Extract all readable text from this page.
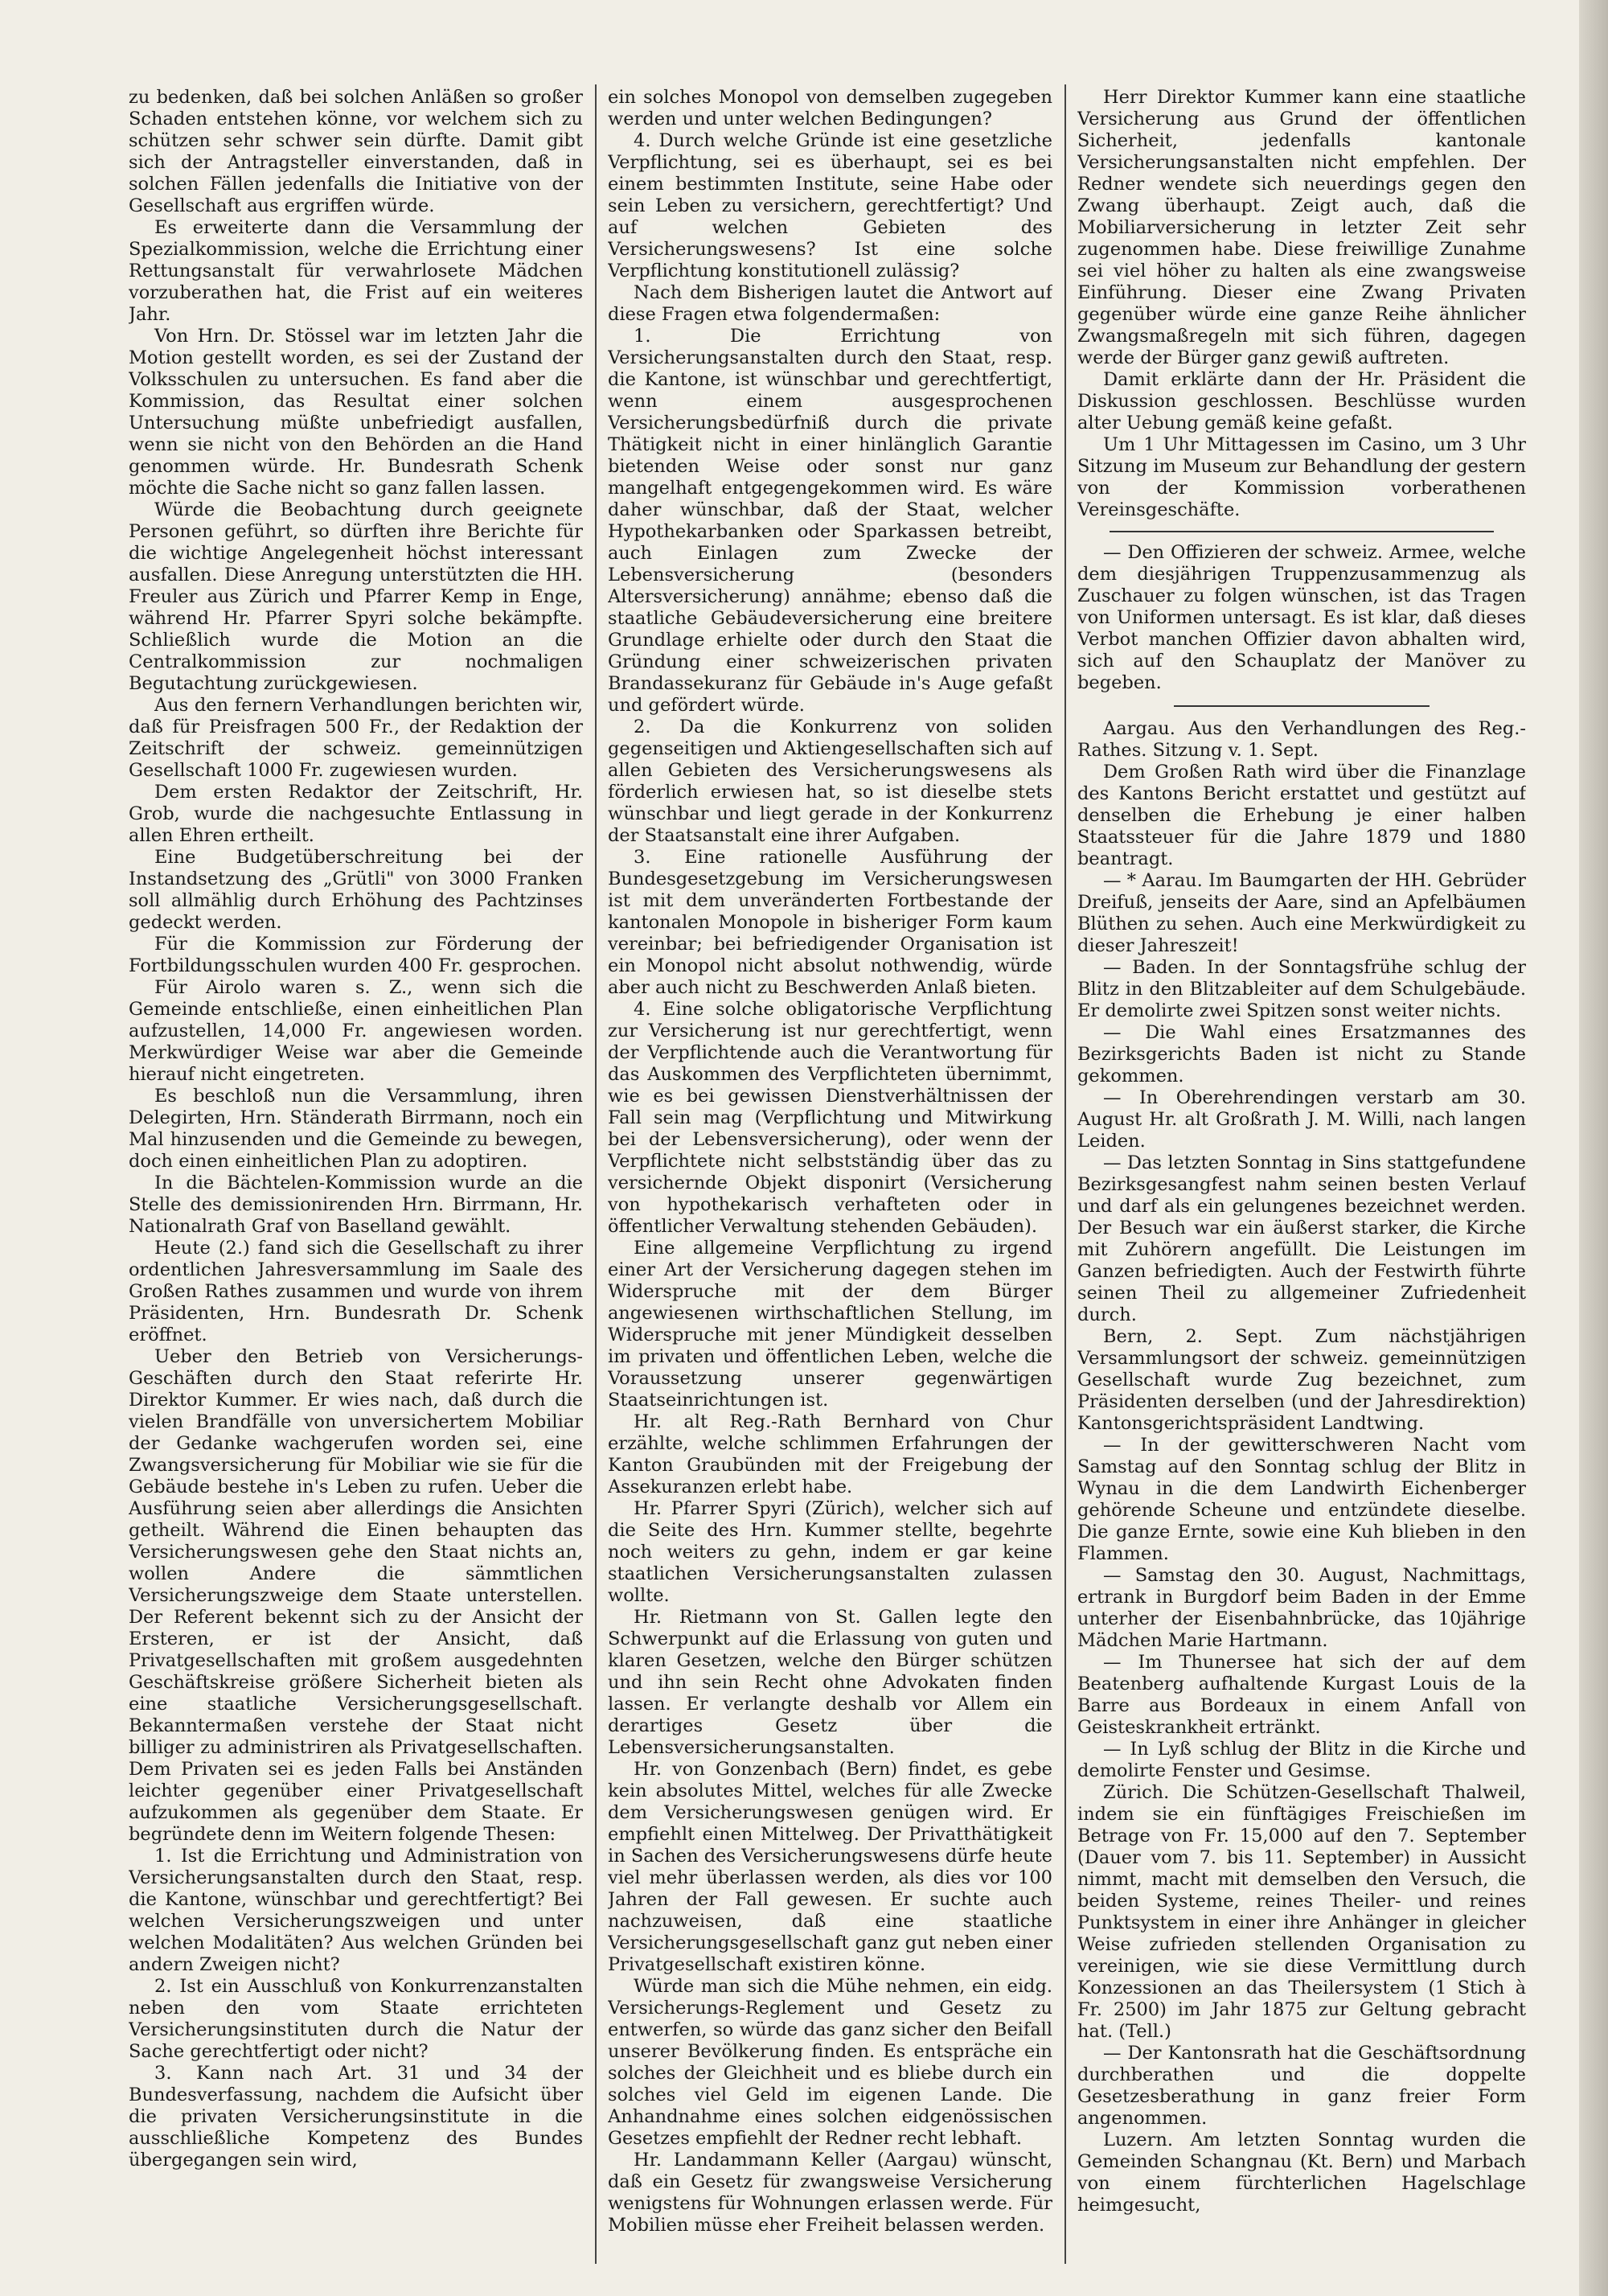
zu bedenken, daß bei solchen Anläßen so großer Schaden entstehen könne, vor welchem sich zu schützen sehr schwer sein dürfte. Damit gibt sich der Antragsteller einverstanden, daß in solchen Fällen jedenfalls die Initiative von der Gesellschaft aus ergriffen würde.

Es erweiterte dann die Versammlung der Spezialkommission, welche die Errichtung einer Rettungsanstalt für verwahrlosete Mädchen vorzuberathen hat, die Frist auf ein weiteres Jahr.

Von Hrn. Dr. Stössel war im letzten Jahr die Motion gestellt worden, es sei der Zustand der Volksschulen zu untersuchen. Es fand aber die Kommission, das Resultat einer solchen Untersuchung müßte unbefriedigt ausfallen, wenn sie nicht von den Behörden an die Hand genommen würde. Hr. Bundesrath Schenk möchte die Sache nicht so ganz fallen lassen.

Würde die Beobachtung durch geeignete Personen geführt, so dürften ihre Berichte für die wichtige Angelegenheit höchst interessant ausfallen. Diese Anregung unterstützten die HH. Freuler aus Zürich und Pfarrer Kemp in Enge, während Hr. Pfarrer Spyri solche bekämpfte. Schließlich wurde die Motion an die Centralkommission zur nochmaligen Begutachtung zurückgewiesen.

Aus den fernern Verhandlungen berichten wir, daß für Preisfragen 500 Fr., der Redaktion der Zeitschrift der schweiz. gemeinnützigen Gesellschaft 1000 Fr. zugewiesen wurden.

Dem ersten Redaktor der Zeitschrift, Hr. Grob, wurde die nachgesuchte Entlassung in allen Ehren ertheilt.

Eine Budgetüberschreitung bei der Instandsetzung des „Grütli" von 3000 Franken soll allmählig durch Erhöhung des Pachtzinses gedeckt werden.

Für die Kommission zur Förderung der Fortbildungsschulen wurden 400 Fr. gesprochen.

Für Airolo waren s. Z., wenn sich die Gemeinde entschließe, einen einheitlichen Plan aufzustellen, 14,000 Fr. angewiesen worden. Merkwürdiger Weise war aber die Gemeinde hierauf nicht eingetreten.

Es beschloß nun die Versammlung, ihren Delegirten, Hrn. Ständerath Birrmann, noch ein Mal hinzusenden und die Gemeinde zu bewegen, doch einen einheitlichen Plan zu adoptiren.

In die Bächtelen-Kommission wurde an die Stelle des demissionirenden Hrn. Birrmann, Hr. Nationalrath Graf von Baselland gewählt.

Heute (2.) fand sich die Gesellschaft zu ihrer ordentlichen Jahresversammlung im Saale des Großen Rathes zusammen und wurde von ihrem Präsidenten, Hrn. Bundesrath Dr. Schenk eröffnet.

Ueber den Betrieb von Versicherungs-Geschäften durch den Staat referirte Hr. Direktor Kummer. Er wies nach, daß durch die vielen Brandfälle von unversichertem Mobiliar der Gedanke wachgerufen worden sei, eine Zwangsversicherung für Mobiliar wie sie für die Gebäude bestehe in's Leben zu rufen. Ueber die Ausführung seien aber allerdings die Ansichten getheilt. Während die Einen behaupten das Versicherungswesen gehe den Staat nichts an, wollen Andere die sämmtlichen Versicherungszweige dem Staate unterstellen. Der Referent bekennt sich zu der Ansicht der Ersteren, er ist der Ansicht, daß Privatgesellschaften mit großem ausgedehnten Geschäftskreise größere Sicherheit bieten als eine staatliche Versicherungsgesellschaft. Bekanntermaßen verstehe der Staat nicht billiger zu administriren als Privatgesellschaften. Dem Privaten sei es jeden Falls bei Anständen leichter gegenüber einer Privatgesellschaft aufzukommen als gegenüber dem Staate. Er begründete denn im Weitern folgende Thesen:

1. Ist die Errichtung und Administration von Versicherungsanstalten durch den Staat, resp. die Kantone, wünschbar und gerechtfertigt? Bei welchen Versicherungszweigen und unter welchen Modalitäten? Aus welchen Gründen bei andern Zweigen nicht?

2. Ist ein Ausschluß von Konkurrenzanstalten neben den vom Staate errichteten Versicherungsinstituten durch die Natur der Sache gerechtfertigt oder nicht?

3. Kann nach Art. 31 und 34 der Bundesverfassung, nachdem die Aufsicht über die privaten Versicherungsinstitute in die ausschließliche Kompetenz des Bundes übergegangen sein wird,

ein solches Monopol von demselben zugegeben werden und unter welchen Bedingungen?

4. Durch welche Gründe ist eine gesetzliche Verpflichtung, sei es überhaupt, sei es bei einem bestimmten Institute, seine Habe oder sein Leben zu versichern, gerechtfertigt? Und auf welchen Gebieten des Versicherungswesens? Ist eine solche Verpflichtung konstitutionell zulässig?

Nach dem Bisherigen lautet die Antwort auf diese Fragen etwa folgendermaßen:

1. Die Errichtung von Versicherungsanstalten durch den Staat, resp. die Kantone, ist wünschbar und gerechtfertigt, wenn einem ausgesprochenen Versicherungsbedürfniß durch die private Thätigkeit nicht in einer hinlänglich Garantie bietenden Weise oder sonst nur ganz mangelhaft entgegengekommen wird. Es wäre daher wünschbar, daß der Staat, welcher Hypothekarbanken oder Sparkassen betreibt, auch Einlagen zum Zwecke der Lebensversicherung (besonders Altersversicherung) annähme; ebenso daß die staatliche Gebäudeversicherung eine breitere Grundlage erhielte oder durch den Staat die Gründung einer schweizerischen privaten Brandassekuranz für Gebäude in's Auge gefaßt und gefördert würde.

2. Da die Konkurrenz von soliden gegenseitigen und Aktiengesellschaften sich auf allen Gebieten des Versicherungswesens als förderlich erwiesen hat, so ist dieselbe stets wünschbar und liegt gerade in der Konkurrenz der Staatsanstalt eine ihrer Aufgaben.

3. Eine rationelle Ausführung der Bundesgesetzgebung im Versicherungswesen ist mit dem unveränderten Fortbestande der kantonalen Monopole in bisheriger Form kaum vereinbar; bei befriedigender Organisation ist ein Monopol nicht absolut nothwendig, würde aber auch nicht zu Beschwerden Anlaß bieten.

4. Eine solche obligatorische Verpflichtung zur Versicherung ist nur gerechtfertigt, wenn der Verpflichtende auch die Verantwortung für das Auskommen des Verpflichteten übernimmt, wie es bei gewissen Dienstverhältnissen der Fall sein mag (Verpflichtung und Mitwirkung bei der Lebensversicherung), oder wenn der Verpflichtete nicht selbstständig über das zu versichernde Objekt disponirt (Versicherung von hypothekarisch verhafteten oder in öffentlicher Verwaltung stehenden Gebäuden).

Eine allgemeine Verpflichtung zu irgend einer Art der Versicherung dagegen stehen im Widerspruche mit der dem Bürger angewiesenen wirthschaftlichen Stellung, im Widerspruche mit jener Mündigkeit desselben im privaten und öffentlichen Leben, welche die Voraussetzung unserer gegenwärtigen Staatseinrichtungen ist.

Hr. alt Reg.-Rath Bernhard von Chur erzählte, welche schlimmen Erfahrungen der Kanton Graubünden mit der Freigebung der Assekuranzen erlebt habe.

Hr. Pfarrer Spyri (Zürich), welcher sich auf die Seite des Hrn. Kummer stellte, begehrte noch weiters zu gehn, indem er gar keine staatlichen Versicherungsanstalten zulassen wollte.

Hr. Rietmann von St. Gallen legte den Schwerpunkt auf die Erlassung von guten und klaren Gesetzen, welche den Bürger schützen und ihn sein Recht ohne Advokaten finden lassen. Er verlangte deshalb vor Allem ein derartiges Gesetz über die Lebensversicherungsanstalten.

Hr. von Gonzenbach (Bern) findet, es gebe kein absolutes Mittel, welches für alle Zwecke dem Versicherungswesen genügen wird. Er empfiehlt einen Mittelweg. Der Privatthätigkeit in Sachen des Versicherungswesens dürfe heute viel mehr überlassen werden, als dies vor 100 Jahren der Fall gewesen. Er suchte auch nachzuweisen, daß eine staatliche Versicherungsgesellschaft ganz gut neben einer Privatgesellschaft existiren könne.

Würde man sich die Mühe nehmen, ein eidg. Versicherungs-Reglement und Gesetz zu entwerfen, so würde das ganz sicher den Beifall unserer Bevölkerung finden. Es entspräche ein solches der Gleichheit und es bliebe durch ein solches viel Geld im eigenen Lande. Die Anhandnahme eines solchen eidgenössischen Gesetzes empfiehlt der Redner recht lebhaft.

Hr. Landammann Keller (Aargau) wünscht, daß ein Gesetz für zwangsweise Versicherung wenigstens für Wohnungen erlassen werde. Für Mobilien müsse eher Freiheit belassen werden.

Herr Direktor Kummer kann eine staatliche Versicherung aus Grund der öffentlichen Sicherheit, jedenfalls kantonale Versicherungsanstalten nicht empfehlen. Der Redner wendete sich neuerdings gegen den Zwang überhaupt. Zeigt auch, daß die Mobiliarversicherung in letzter Zeit sehr zugenommen habe. Diese freiwillige Zunahme sei viel höher zu halten als eine zwangsweise Einführung. Dieser eine Zwang Privaten gegenüber würde eine ganze Reihe ähnlicher Zwangsmaßregeln mit sich führen, dagegen werde der Bürger ganz gewiß auftreten.

Damit erklärte dann der Hr. Präsident die Diskussion geschlossen. Beschlüsse wurden alter Uebung gemäß keine gefaßt.

Um 1 Uhr Mittagessen im Casino, um 3 Uhr Sitzung im Museum zur Behandlung der gestern von der Kommission vorberathenen Vereinsgeschäfte.

— Den Offizieren der schweiz. Armee, welche dem diesjährigen Truppenzusammenzug als Zuschauer zu folgen wünschen, ist das Tragen von Uniformen untersagt. Es ist klar, daß dieses Verbot manchen Offizier davon abhalten wird, sich auf den Schauplatz der Manöver zu begeben.

Aargau. Aus den Verhandlungen des Reg.-Rathes. Sitzung v. 1. Sept.

Dem Großen Rath wird über die Finanzlage des Kantons Bericht erstattet und gestützt auf denselben die Erhebung je einer halben Staatssteuer für die Jahre 1879 und 1880 beantragt.

— * Aarau. Im Baumgarten der HH. Gebrüder Dreifuß, jenseits der Aare, sind an Apfelbäumen Blüthen zu sehen. Auch eine Merkwürdigkeit zu dieser Jahreszeit!

— Baden. In der Sonntagsfrühe schlug der Blitz in den Blitzableiter auf dem Schulgebäude. Er demolirte zwei Spitzen sonst weiter nichts.

— Die Wahl eines Ersatzmannes des Bezirksgerichts Baden ist nicht zu Stande gekommen.

— In Oberehrendingen verstarb am 30. August Hr. alt Großrath J. M. Willi, nach langen Leiden.

— Das letzten Sonntag in Sins stattgefundene Bezirksgesangfest nahm seinen besten Verlauf und darf als ein gelungenes bezeichnet werden. Der Besuch war ein äußerst starker, die Kirche mit Zuhörern angefüllt. Die Leistungen im Ganzen befriedigten. Auch der Festwirth führte seinen Theil zu allgemeiner Zufriedenheit durch.

Bern, 2. Sept. Zum nächstjährigen Versammlungsort der schweiz. gemeinnützigen Gesellschaft wurde Zug bezeichnet, zum Präsidenten derselben (und der Jahresdirektion) Kantonsgerichtspräsident Landtwing.

— In der gewitterschweren Nacht vom Samstag auf den Sonntag schlug der Blitz in Wynau in die dem Landwirth Eichenberger gehörende Scheune und entzündete dieselbe. Die ganze Ernte, sowie eine Kuh blieben in den Flammen.

— Samstag den 30. August, Nachmittags, ertrank in Burgdorf beim Baden in der Emme unterher der Eisenbahnbrücke, das 10jährige Mädchen Marie Hartmann.

— Im Thunersee hat sich der auf dem Beatenberg aufhaltende Kurgast Louis de la Barre aus Bordeaux in einem Anfall von Geisteskrankheit ertränkt.

— In Lyß schlug der Blitz in die Kirche und demolirte Fenster und Gesimse.

Zürich. Die Schützen-Gesellschaft Thalweil, indem sie ein fünftägiges Freischießen im Betrage von Fr. 15,000 auf den 7. September (Dauer vom 7. bis 11. September) in Aussicht nimmt, macht mit demselben den Versuch, die beiden Systeme, reines Theiler- und reines Punktsystem in einer ihre Anhänger in gleicher Weise zufrieden stellenden Organisation zu vereinigen, wie sie diese Vermittlung durch Konzessionen an das Theilersystem (1 Stich à Fr. 2500) im Jahr 1875 zur Geltung gebracht hat. (Tell.)

— Der Kantonsrath hat die Geschäftsordnung durchberathen und die doppelte Gesetzesberathung in ganz freier Form angenommen.

Luzern. Am letzten Sonntag wurden die Gemeinden Schangnau (Kt. Bern) und Marbach von einem fürchterlichen Hagelschlage heimgesucht,
